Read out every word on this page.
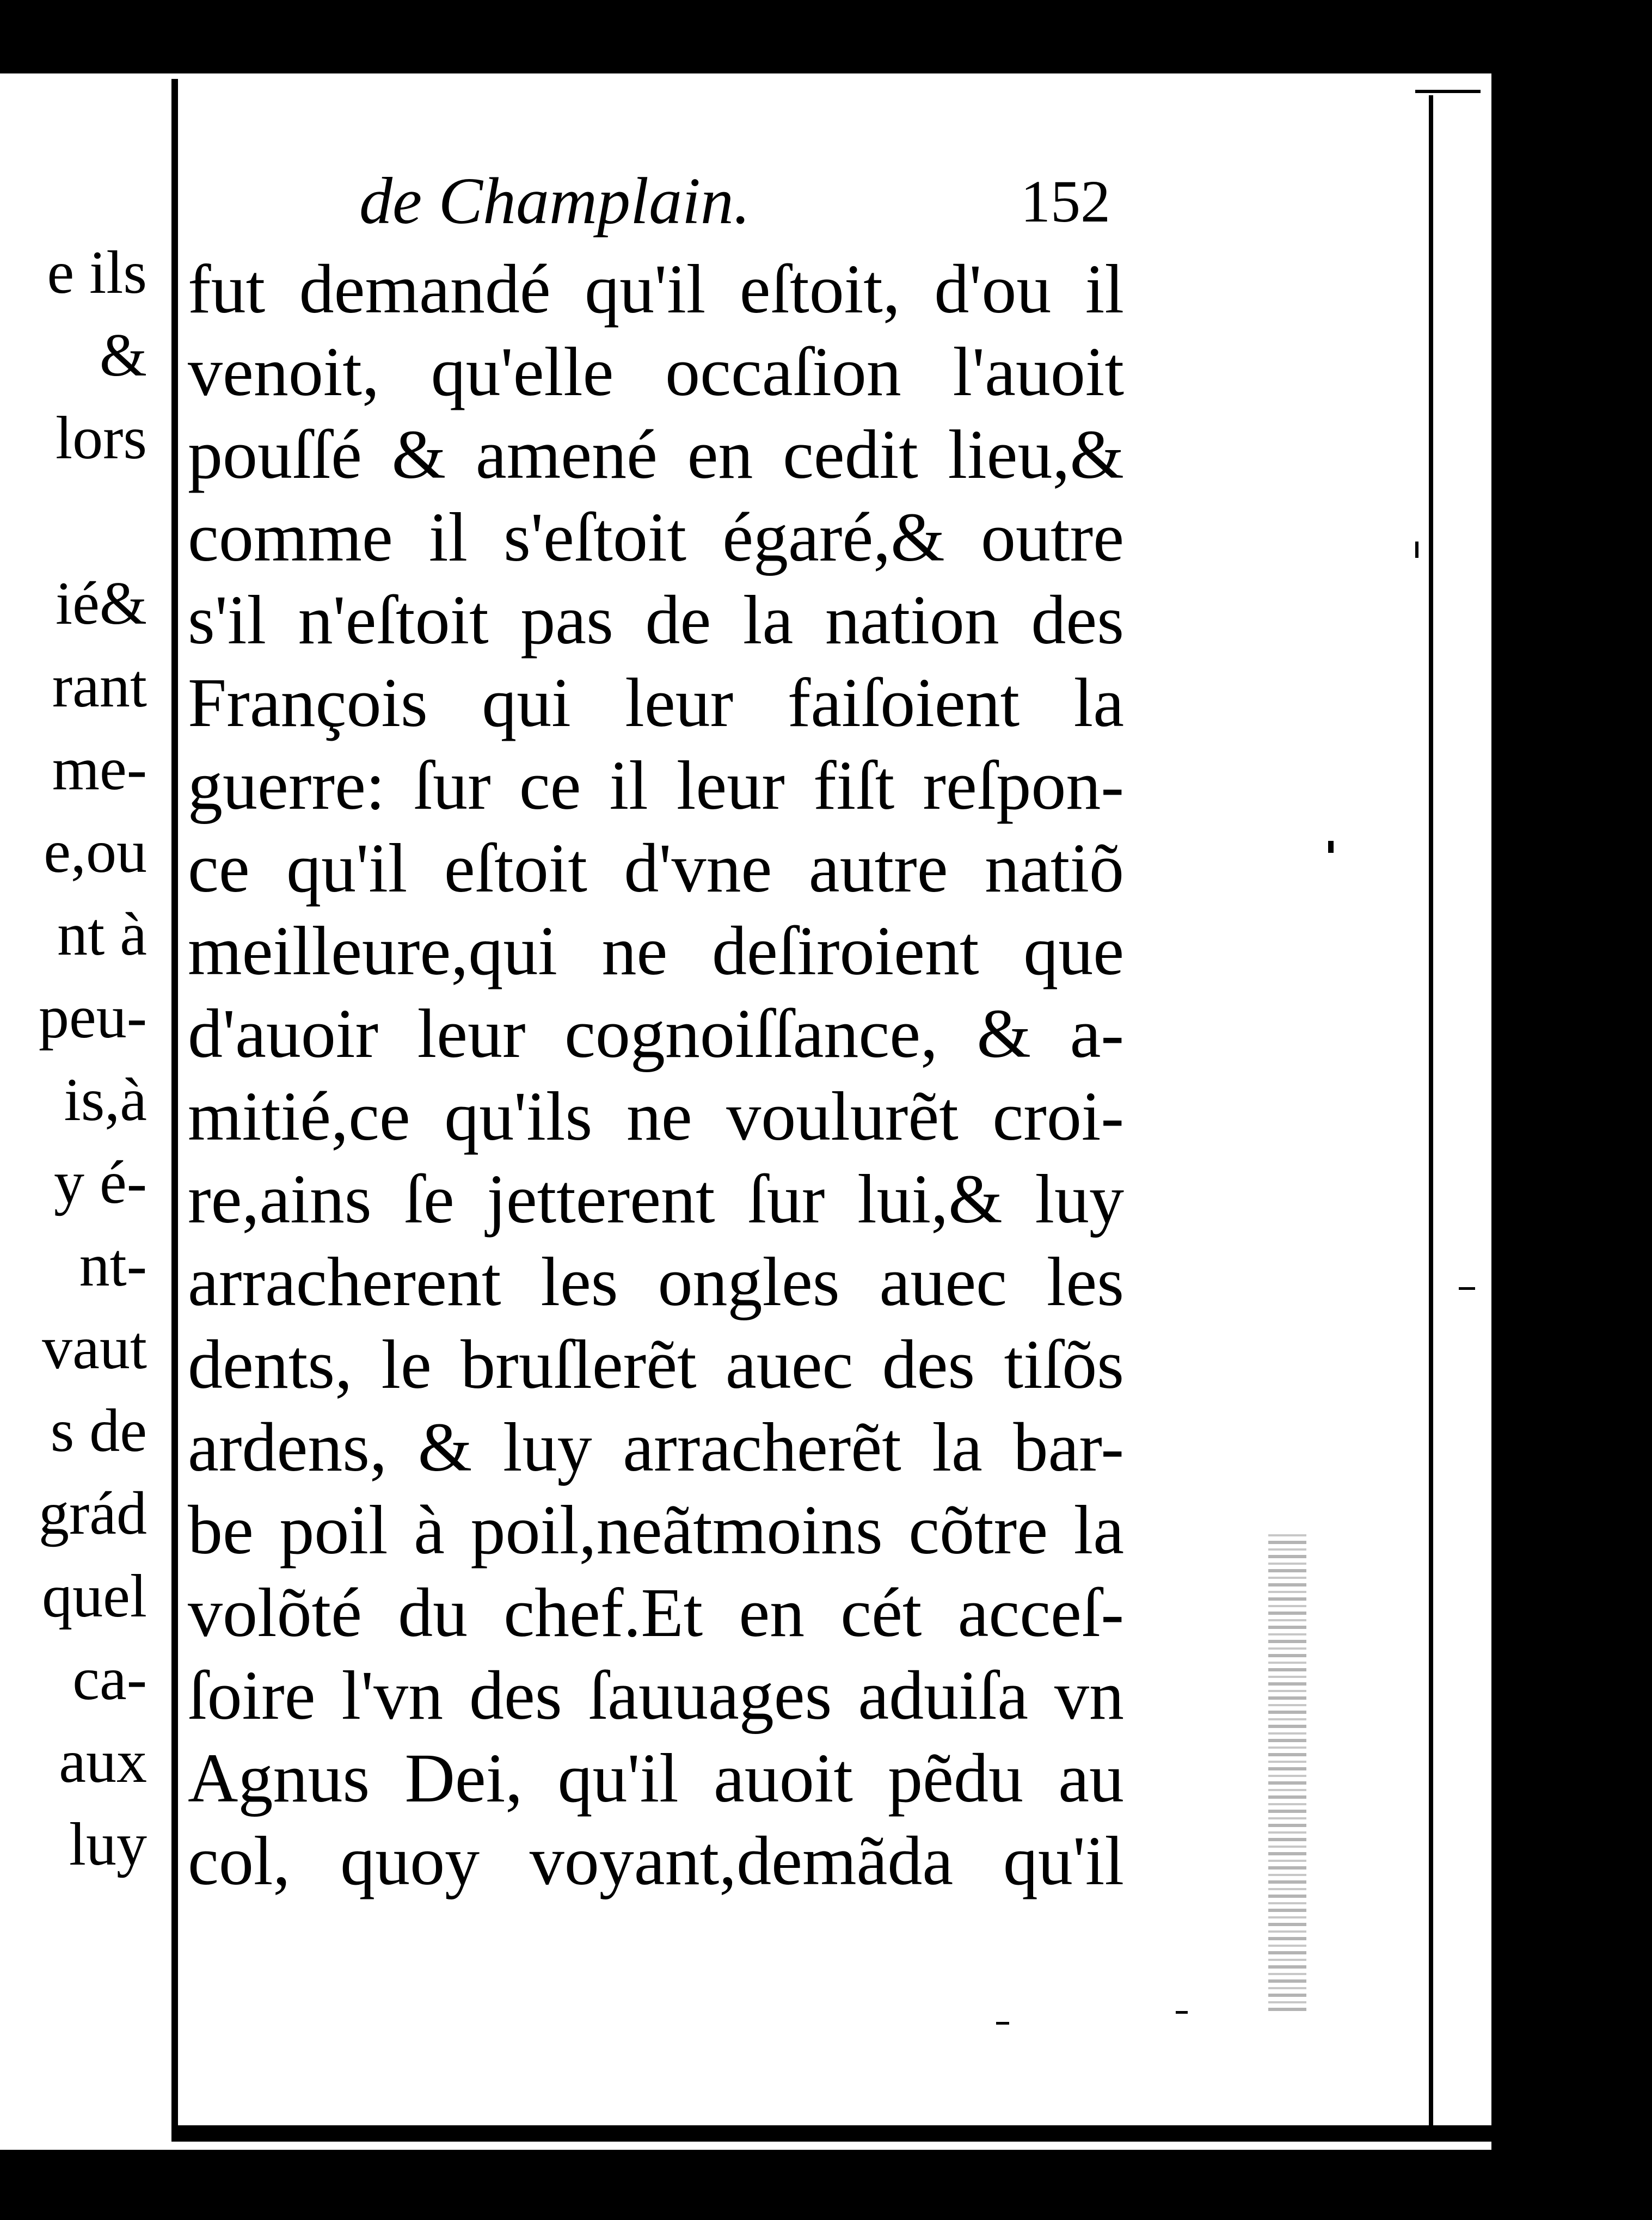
e ils
&
lors
ié&
rant
me-
e,ou
nt à
peu-
is,à
y é-
nt-
vaut
s de
grád
quel
ca-
aux
luy
de Champlain.	152
fut demandé qu'il eſtoit, d'ou il
venoit, qu'elle occaſion l'auoit
pouſſé & amené en cedit lieu,&
comme il s'eſtoit égaré,& outre
s'il n'eſtoit pas de la nation des
François qui leur faiſoient la
guerre: ſur ce il leur fiſt reſpon-
ce qu'il eſtoit d'vne autre natiõ
meilleure,qui ne deſiroient que
d'auoir leur cognoiſſance, & a-
mitié,ce qu'ils ne voulurẽt croi-
re,ains ſe jetterent ſur lui,& luy
arracherent les ongles auec les
dents, le bruſlerẽt auec des tiſõs
ardens, & luy arracherẽt la bar-
be poil à poil,neãtmoins cõtre la
volõté du chef.Et en cét acceſ-
ſoire l'vn des ſauuages aduiſa vn
Agnus Dei, qu'il auoit pẽdu au
col, quoy voyant,demãda qu'il
